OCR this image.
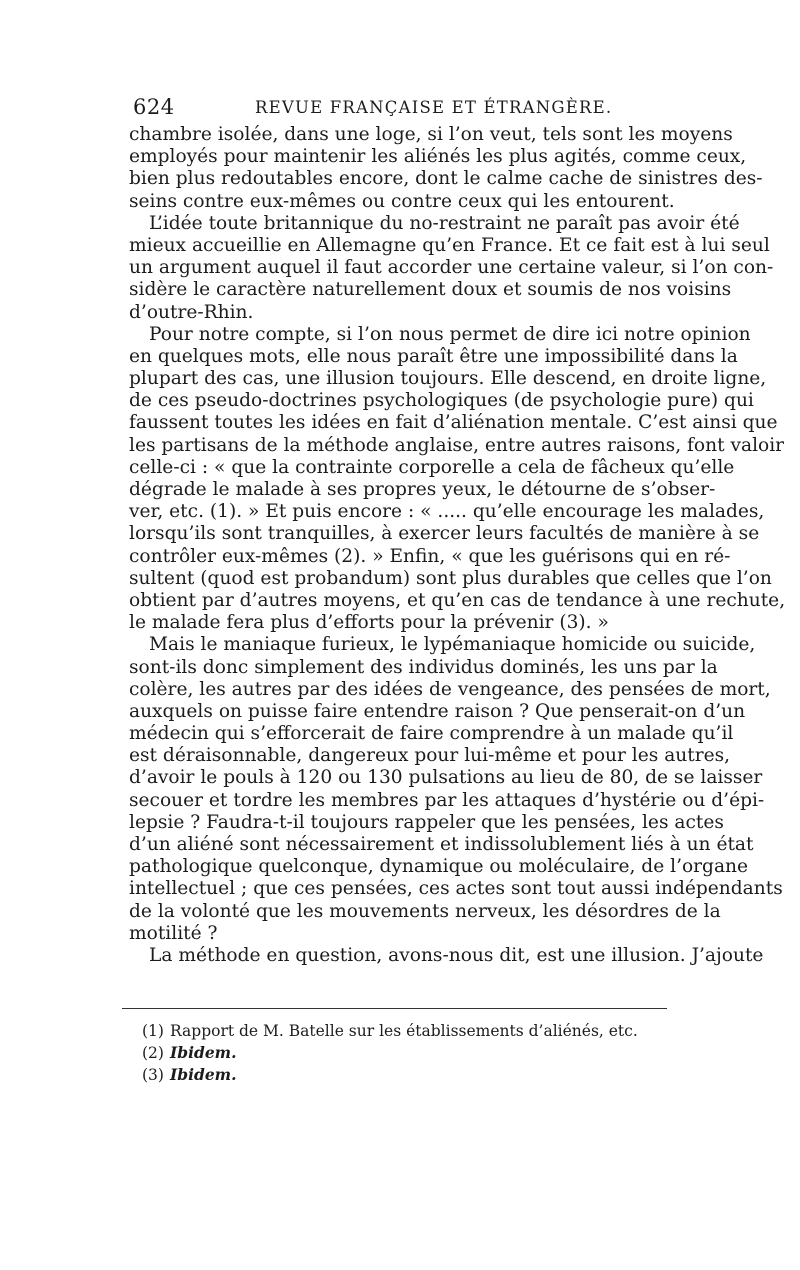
624	REVUE FRANÇAISE ET ÉTRANGÈRE.
chambre isolée, dans une loge, si l’on veut, tels sont les moyens
employés pour maintenir les aliénés les plus agités, comme ceux,
bien plus redoutables encore, dont le calme cache de sinistres des-
seins contre eux-mêmes ou contre ceux qui les entourent.
L’idée toute britannique du no-restraint ne paraît pas avoir été
mieux accueillie en Allemagne qu’en France. Et ce fait est à lui seul
un argument auquel il faut accorder une certaine valeur, si l’on con-
sidère le caractère naturellement doux et soumis de nos voisins
d’outre-Rhin.
Pour notre compte, si l’on nous permet de dire ici notre opinion
en quelques mots, elle nous paraît être une impossibilité dans la
plupart des cas, une illusion toujours. Elle descend, en droite ligne,
de ces pseudo-doctrines psychologiques (de psychologie pure) qui
faussent toutes les idées en fait d’aliénation mentale. C’est ainsi que
les partisans de la méthode anglaise, entre autres raisons, font valoir
celle-ci : « que la contrainte corporelle a cela de fâcheux qu’elle
dégrade le malade à ses propres yeux, le détourne de s’obser-
ver, etc. (1). » Et puis encore : « ..... qu’elle encourage les malades,
lorsqu’ils sont tranquilles, à exercer leurs facultés de manière à se
contrôler eux-mêmes (2). » Enfin, « que les guérisons qui en ré-
sultent (quod est probandum) sont plus durables que celles que l’on
obtient par d’autres moyens, et qu’en cas de tendance à une rechute,
le malade fera plus d’efforts pour la prévenir (3). »
Mais le maniaque furieux, le lypémaniaque homicide ou suicide,
sont-ils donc simplement des individus dominés, les uns par la
colère, les autres par des idées de vengeance, des pensées de mort,
auxquels on puisse faire entendre raison ? Que penserait-on d’un
médecin qui s’efforcerait de faire comprendre à un malade qu’il
est déraisonnable, dangereux pour lui-même et pour les autres,
d’avoir le pouls à 120 ou 130 pulsations au lieu de 80, de se laisser
secouer et tordre les membres par les attaques d’hystérie ou d’épi-
lepsie ? Faudra-t-il toujours rappeler que les pensées, les actes
d’un aliéné sont nécessairement et indissolublement liés à un état
pathologique quelconque, dynamique ou moléculaire, de l’organe
intellectuel ; que ces pensées, ces actes sont tout aussi indépendants
de la volonté que les mouvements nerveux, les désordres de la
motilité ?
La méthode en question, avons-nous dit, est une illusion. J’ajoute
(1) Rapport de M. Batelle sur les établissements d’aliénés, etc.
(2) Ibidem.
(3) Ibidem.
